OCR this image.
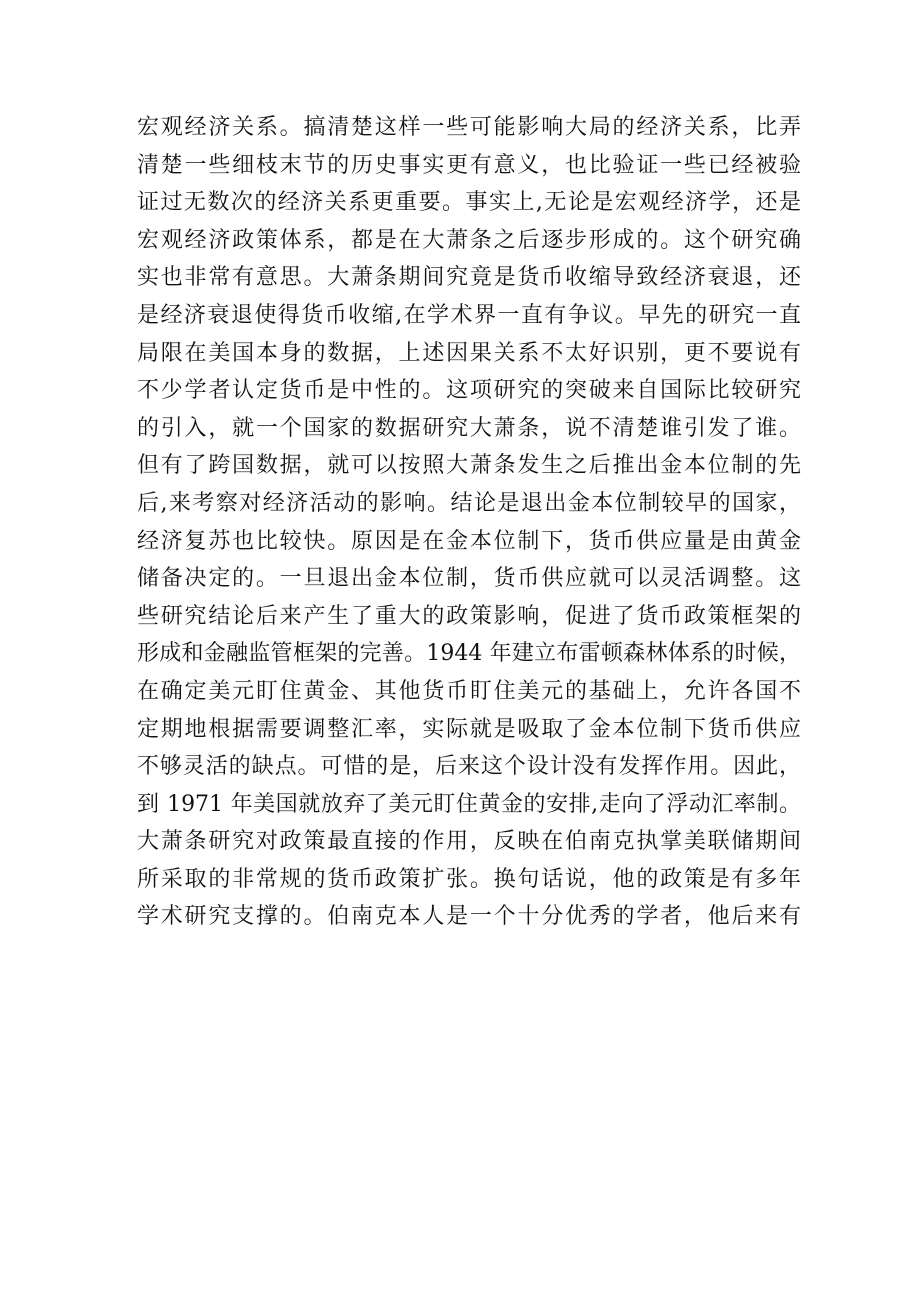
宏观经济关系。搞清楚这样一些可能影响大局的经济关系，比弄
清楚一些细枝末节的历史事实更有意义，也比验证一些已经被验
证过无数次的经济关系更重要。事实上,无论是宏观经济学，还是
宏观经济政策体系，都是在大萧条之后逐步形成的。这个研究确
实也非常有意思。大萧条期间究竟是货币收缩导致经济衰退，还
是经济衰退使得货币收缩,在学术界一直有争议。早先的研究一直
局限在美国本身的数据，上述因果关系不太好识别，更不要说有
不少学者认定货币是中性的。这项研究的突破来自国际比较研究
的引入，就一个国家的数据研究大萧条，说不清楚谁引发了谁。
但有了跨国数据，就可以按照大萧条发生之后推出金本位制的先
后,来考察对经济活动的影响。结论是退出金本位制较早的国家，
经济复苏也比较快。原因是在金本位制下，货币供应量是由黄金
储备决定的。一旦退出金本位制，货币供应就可以灵活调整。这
些研究结论后来产生了重大的政策影响，促进了货币政策框架的
形成和金融监管框架的完善。1944 年建立布雷顿森林体系的时候，
在确定美元盯住黄金、其他货币盯住美元的基础上，允许各国不
定期地根据需要调整汇率，实际就是吸取了金本位制下货币供应
不够灵活的缺点。可惜的是，后来这个设计没有发挥作用。因此，
到 1971 年美国就放弃了美元盯住黄金的安排,走向了浮动汇率制。
大萧条研究对政策最直接的作用，反映在伯南克执掌美联储期间
所采取的非常规的货币政策扩张。换句话说，他的政策是有多年
学术研究支撑的。伯南克本人是一个十分优秀的学者，他后来有
